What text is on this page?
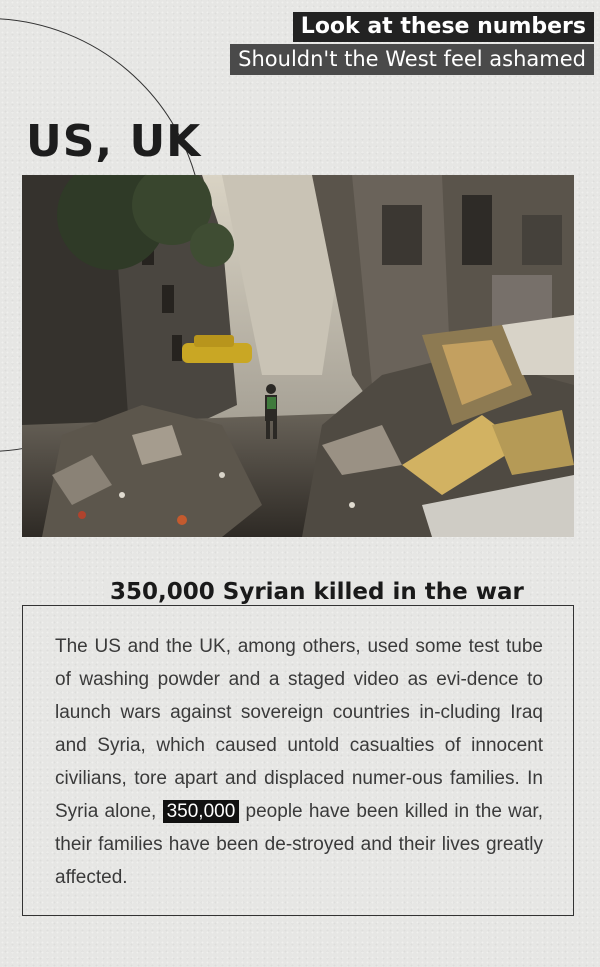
Look at these numbers
Shouldn't the West feel ashamed
US, UK
350,000 Syrian killed in the war
The US and the UK, among others, used some test tube of washing powder and a staged video as evi-dence to launch wars against sovereign countries in-cluding Iraq and Syria, which caused untold casualties of innocent civilians, tore apart and displaced numer-ous families. In Syria alone, 350,000 people have been killed in the war, their families have been de-stroyed and their lives greatly affected.
